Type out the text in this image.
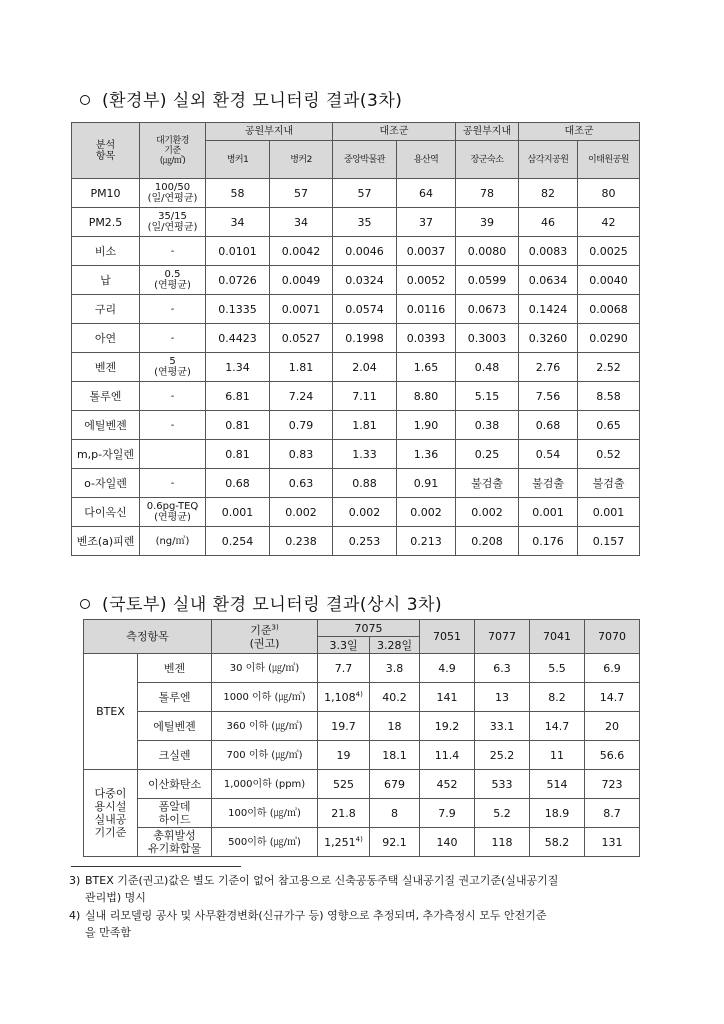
(환경부) 실외 환경 모니터링 결과(3차)
분석
항목	대기환경
기준
(㎍/㎥)	공원부지내		대조군		공원부지내	대조군	
		병커1	병커2	중앙박물관	용산역	장군숙소	삼각지공원	이태원공원
PM10	100/50
(일/연평균)	58	57	57	64	78	82	80
PM2.5	35/15
(일/연평균)	34	34	35	37	39	46	42
비소	-	0.0101	0.0042	0.0046	0.0037	0.0080	0.0083	0.0025
납	0.5
(연평균)	0.0726	0.0049	0.0324	0.0052	0.0599	0.0634	0.0040
구리	-	0.1335	0.0071	0.0574	0.0116	0.0673	0.1424	0.0068
아연	-	0.4423	0.0527	0.1998	0.0393	0.3003	0.3260	0.0290
벤젠	5
(연평균)	1.34	1.81	2.04	1.65	0.48	2.76	2.52
톨루엔	-	6.81	7.24	7.11	8.80	5.15	7.56	8.58
에틸벤젠	-	0.81	0.79	1.81	1.90	0.38	0.68	0.65
m,p-자일렌		0.81	0.83	1.33	1.36	0.25	0.54	0.52
o-자일렌	-	0.68	0.63	0.88	0.91	불검출	불검출	불검출
다이옥신	0.6pg-TEQ
(연평균)	0.001	0.002	0.002	0.002	0.002	0.001	0.001
벤조(a)피렌	(ng/㎥)	0.254	0.238	0.253	0.213	0.208	0.176	0.157
(국토부) 실내 환경 모니터링 결과(상시 3차)
측정항목		기준$^{3)}$
(권고)	7075		7051	7077	7041	7070
			3.3일	3.28일				
BTEX	벤젠	30 이하 (㎍/㎥)	7.7	3.8	4.9	6.3	5.5	6.9
	톨루엔	1000 이하 (㎍/㎥)	1,108$^{4)}$	40.2	141	13	8.2	14.7
	에틸벤젠	360 이하 (㎍/㎥)	19.7	18	19.2	33.1	14.7	20
	크실렌	700 이하 (㎍/㎥)	19	18.1	11.4	25.2	11	56.6
다중이
용시설
실내공
기기준	이산화탄소	1,000이하 (ppm)	525	679	452	533	514	723
	폼알데
하이드	100이하 (㎍/㎥)	21.8	8	7.9	5.2	18.9	8.7
	총휘발성
유기화합물	500이하 (㎍/㎥)	1,251$^{4)}$	92.1	140	118	58.2	131
3) BTEX 기준(권고)값은 별도 기준이 없어 참고용으로 신축공동주택 실내공기질 권고기준(실내공기질
관리법) 명시
4) 실내 리모델링 공사 및 사무환경변화(신규가구 등) 영향으로 추정되며, 추가측정시 모두 안전기준
을 만족함
